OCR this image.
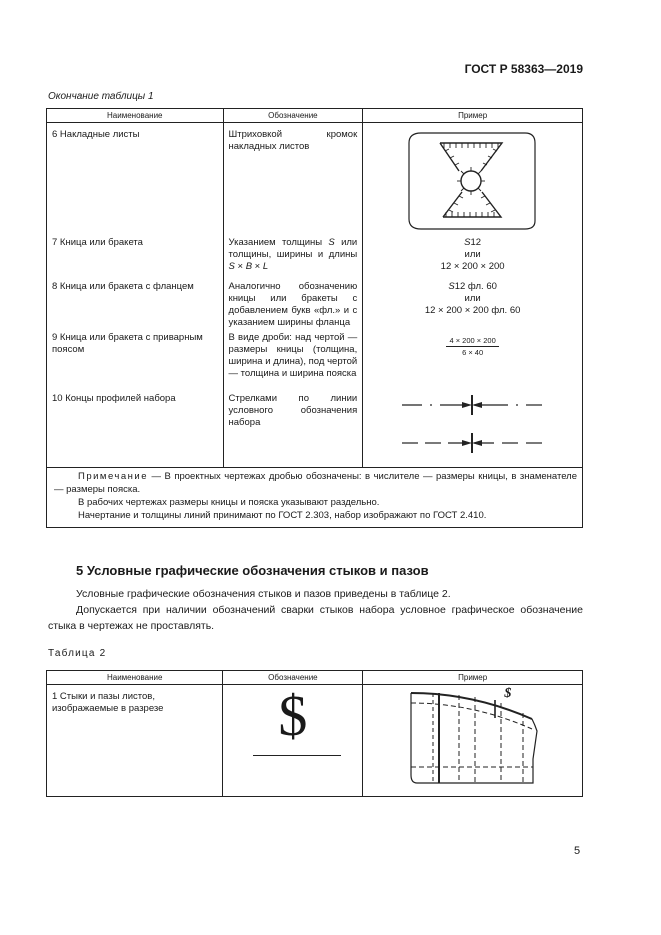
ГОСТ Р 58363—2019
Окончание таблицы 1
Наименование	Обозначение	Пример
6 Накладные листы	Штриховкой кромок накладных листов	
7 Кница или бракета	Указанием толщины S или толщины, ширины и длины S × B × L	S12
или
12 × 200 × 200

8 Кница или бракета с фланцем	Аналогично обозначению кницы или бракеты с добавлением букв «фл.» и с указанием ширины фланца	S12 фл. 60
или
12 × 200 × 200 фл. 60

9 Кница или бракета с приварным поясом	В виде дроби: над чертой — размеры кницы (толщина, ширина и длина), под чертой — толщина и ширина пояска	$\frac{4 \times 200 \times 200}{6 \times 40}$

10 Концы профилей набора	Стрелками по линии условного обозначения набора	

Примечание — В проектных чертежах дробью обозначены: в числителе — размеры кницы, в знаменателе — размеры пояска.

В рабочих чертежах размеры кницы и пояска указывают раздельно.

Начертание и толщины линий принимают по ГОСТ 2.303, набор изображают по ГОСТ 2.410.		

5 Условные графические обозначения стыков и пазов
Условные графические обозначения стыков и пазов приведены в таблице 2.
Допускается при наличии обозначений сварки стыков набора условное графическое обозначение стыка в чертежах не проставлять.
Таблица 2
Наименование	Обозначение	Пример
1 Стыки и пазы листов, изображаемые в разрезе	$	$
5
